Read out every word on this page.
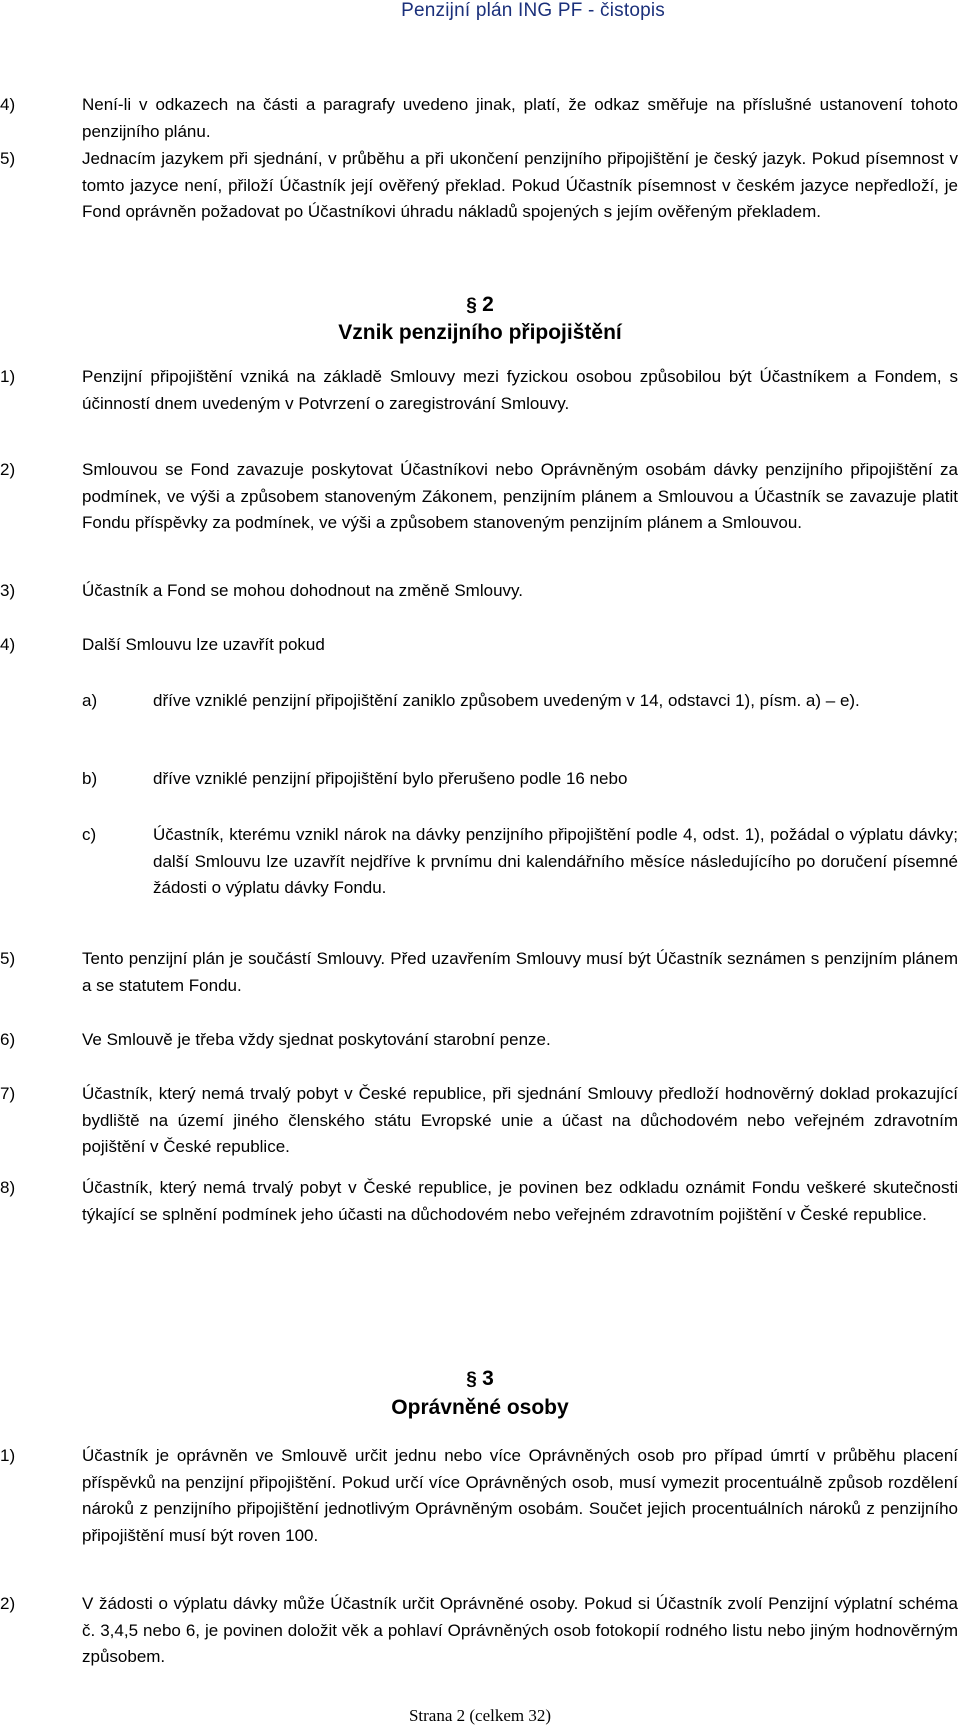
Penzijní plán ING PF - čistopis
4)	Není-li v odkazech na části a paragrafy uvedeno jinak, platí, že odkaz směřuje na příslušné ustanovení tohoto penzijního plánu.
5)	Jednacím jazykem při sjednání, v průběhu a při ukončení penzijního připojištění je český jazyk. Pokud písemnost v tomto jazyce není, přiloží Účastník její ověřený překlad. Pokud Účastník písemnost v českém jazyce nepředloží, je Fond oprávněn požadovat po Účastníkovi úhradu nákladů spojených s jejím ověřeným překladem.
§ 2
Vznik penzijního připojištění
1)	Penzijní připojištění vzniká na základě Smlouvy mezi fyzickou osobou způsobilou být Účastníkem a Fondem, s účinností dnem uvedeným v Potvrzení o zaregistrování Smlouvy.
2)	Smlouvou se Fond zavazuje poskytovat Účastníkovi nebo Oprávněným osobám dávky penzijního připojištění za podmínek, ve výši a způsobem stanoveným Zákonem, penzijním plánem a Smlouvou a Účastník se zavazuje platit Fondu příspěvky za podmínek, ve výši a způsobem stanoveným penzijním plánem a Smlouvou.
3)	Účastník a Fond se mohou dohodnout na změně Smlouvy.
4)	Další Smlouvu lze uzavřít pokud
a)	dříve vzniklé penzijní připojištění zaniklo způsobem uvedeným v 14, odstavci 1), písm. a) – e).
b)	dříve vzniklé penzijní připojištění bylo přerušeno podle 16 nebo
c)	Účastník, kterému vznikl nárok na dávky penzijního připojištění podle 4, odst. 1), požádal o výplatu dávky; další Smlouvu lze uzavřít nejdříve k prvnímu dni kalendářního měsíce následujícího po doručení písemné žádosti o výplatu dávky Fondu.
5)	Tento penzijní plán je součástí Smlouvy. Před uzavřením Smlouvy musí být Účastník seznámen s penzijním plánem a se statutem Fondu.
6)	Ve Smlouvě je třeba vždy sjednat poskytování starobní penze.
7)	Účastník, který nemá trvalý pobyt v České republice, při sjednání Smlouvy předloží hodnověrný doklad prokazující bydliště na území jiného členského státu Evropské unie a účast na důchodovém nebo veřejném zdravotním pojištění v České republice.
8)	Účastník, který nemá trvalý pobyt v České republice, je povinen bez odkladu oznámit Fondu veškeré skutečnosti týkající se splnění podmínek jeho účasti na důchodovém nebo veřejném zdravotním pojištění v České republice.
§ 3
Oprávněné osoby
1)	Účastník je oprávněn ve Smlouvě určit jednu nebo více Oprávněných osob pro případ úmrtí v průběhu placení příspěvků na penzijní připojištění. Pokud určí více Oprávněných osob, musí vymezit procentuálně způsob rozdělení nároků z penzijního připojištění jednotlivým Oprávněným osobám. Součet jejich procentuálních nároků z penzijního připojištění musí být roven 100.
2)	V žádosti o výplatu dávky může Účastník určit Oprávněné osoby. Pokud si Účastník zvolí Penzijní výplatní schéma č. 3,4,5 nebo 6, je povinen doložit věk a pohlaví Oprávněných osob fotokopií rodného listu nebo jiným hodnověrným způsobem.
Strana 2 (celkem 32)
